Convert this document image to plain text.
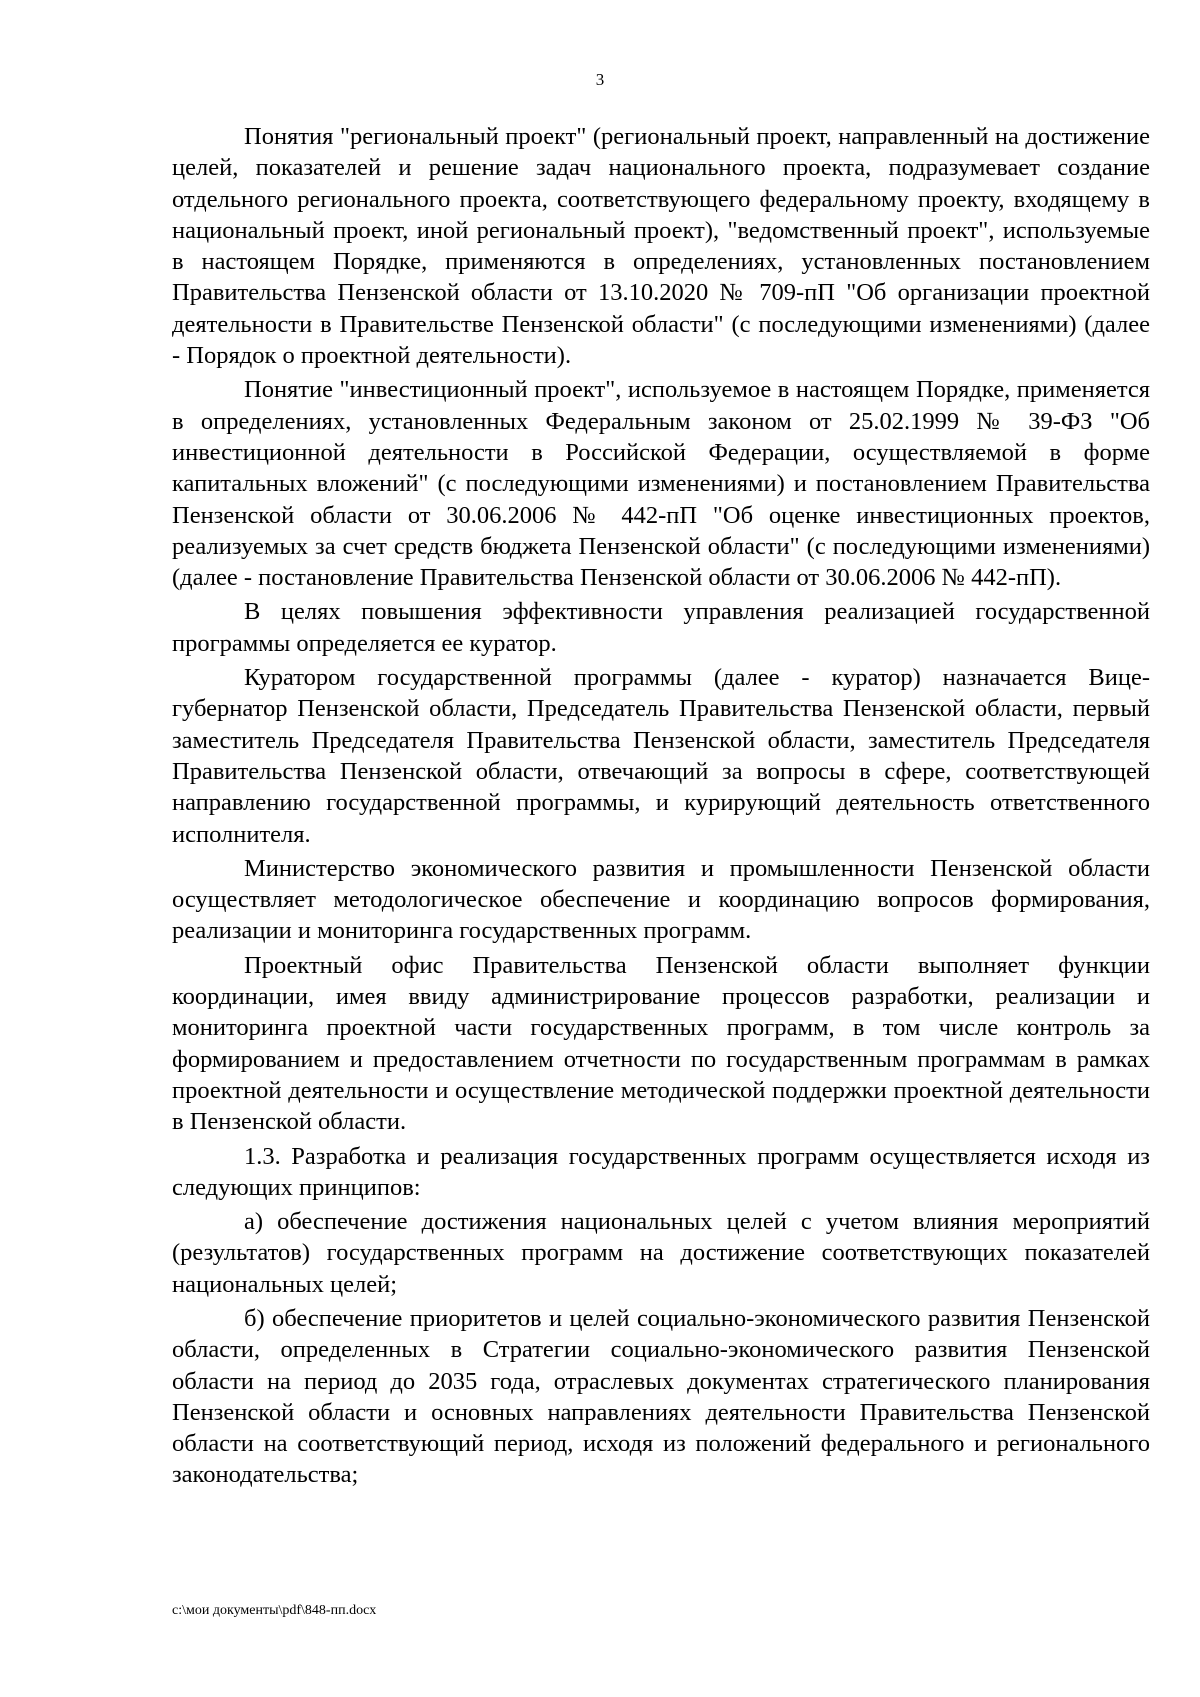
3

Понятия "региональный проект" (региональный проект, направленный на достижение целей, показателей и решение задач национального проекта, подразумевает создание отдельного регионального проекта, соответствующего федеральному проекту, входящему в национальный проект, иной региональный проект), "ведомственный проект", используемые в настоящем Порядке, применяются в определениях, установленных постановлением Правительства Пензенской области от 13.10.2020 № 709-пП "Об организации проектной деятельности в Правительстве Пензенской области" (с последующими изменениями) (далее - Порядок о проектной деятельности).

Понятие "инвестиционный проект", используемое в настоящем Порядке, применяется в определениях, установленных Федеральным законом от 25.02.1999 № 39-ФЗ "Об инвестиционной деятельности в Российской Федерации, осуществляемой в форме капитальных вложений" (с последующими изменениями) и постановлением Правительства Пензенской области от 30.06.2006 № 442-пП "Об оценке инвестиционных проектов, реализуемых за счет средств бюджета Пензенской области" (с последующими изменениями) (далее - постановление Правительства Пензенской области от 30.06.2006 № 442-пП).

В целях повышения эффективности управления реализацией государственной программы определяется ее куратор.

Куратором государственной программы (далее - куратор) назначается Вице-губернатор Пензенской области, Председатель Правительства Пензенской области, первый заместитель Председателя Правительства Пензенской области, заместитель Председателя Правительства Пензенской области, отвечающий за вопросы в сфере, соответствующей направлению государственной программы, и курирующий деятельность ответственного исполнителя.

Министерство экономического развития и промышленности Пензенской области осуществляет методологическое обеспечение и координацию вопросов формирования, реализации и мониторинга государственных программ.

Проектный офис Правительства Пензенской области выполняет функции координации, имея ввиду администрирование процессов разработки, реализации и мониторинга проектной части государственных программ, в том числе контроль за формированием и предоставлением отчетности по государственным программам в рамках проектной деятельности и осуществление методической поддержки проектной деятельности в Пензенской области.

1.3. Разработка и реализация государственных программ осуществляется исходя из следующих принципов:

а) обеспечение достижения национальных целей с учетом влияния мероприятий (результатов) государственных программ на достижение соответствующих показателей национальных целей;

б) обеспечение приоритетов и целей социально-экономического развития Пензенской области, определенных в Стратегии социально-экономического развития Пензенской области на период до 2035 года, отраслевых документах стратегического планирования Пензенской области и основных направлениях деятельности Правительства Пензенской области на соответствующий период, исходя из положений федерального и регионального законодательства;

c:\мои документы\pdf\848-пп.docx
